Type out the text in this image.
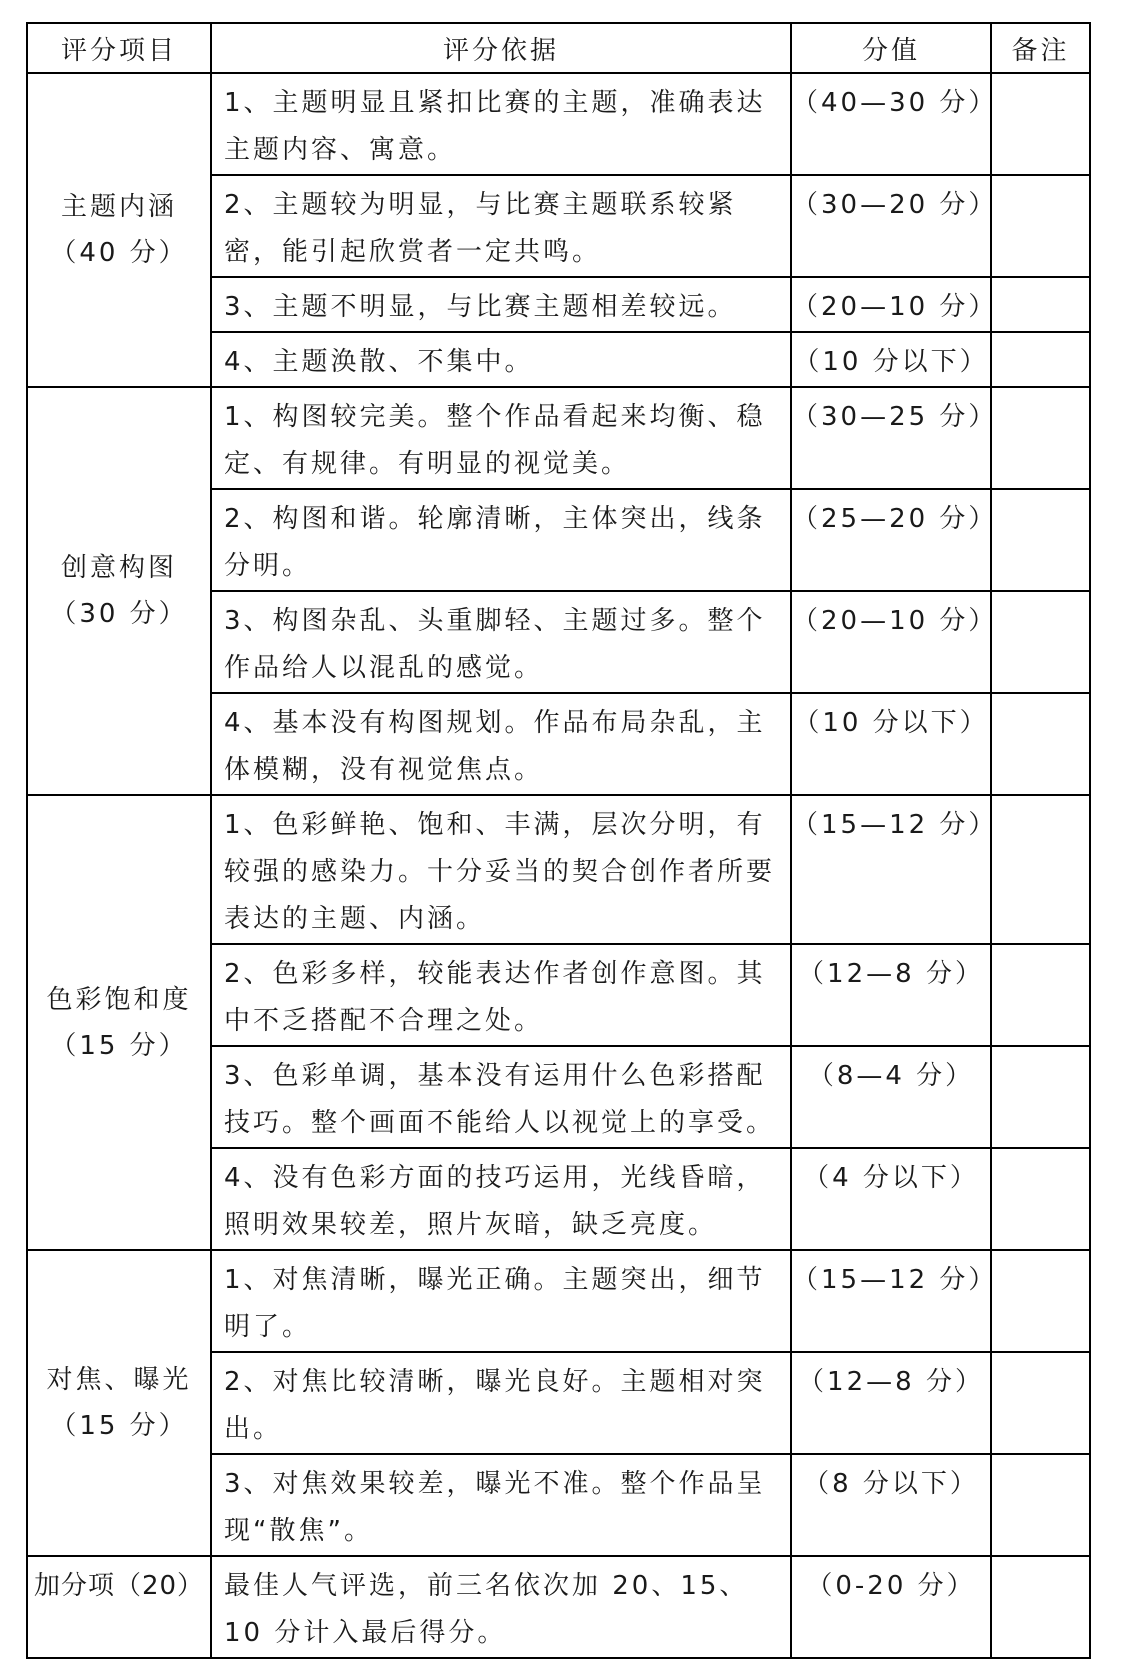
评分项目	评分依据	分值	备注

主题内涵
（40 分）	1、主题明显且紧扣比赛的主题，准确表达主题内容、寓意。	（40—30 分）	
	2、主题较为明显，与比赛主题联系较紧密，能引起欣赏者一定共鸣。	（30—20 分）	
	3、主题不明显，与比赛主题相差较远。	（20—10 分）	
	4、主题涣散、不集中。	（10 分以下）	

创意构图
（30 分）	1、构图较完美。整个作品看起来均衡、稳定、有规律。有明显的视觉美。	（30—25 分）	
	2、构图和谐。轮廓清晰，主体突出，线条分明。	（25—20 分）	
	3、构图杂乱、头重脚轻、主题过多。整个作品给人以混乱的感觉。	（20—10 分）	
	4、基本没有构图规划。作品布局杂乱，主体模糊，没有视觉焦点。	（10 分以下）	

色彩饱和度
（15 分）	1、色彩鲜艳、饱和、丰满，层次分明，有较强的感染力。十分妥当的契合创作者所要表达的主题、内涵。	（15—12 分）	
	2、色彩多样，较能表达作者创作意图。其中不乏搭配不合理之处。	（12—8 分）	
	3、色彩单调，基本没有运用什么色彩搭配技巧。整个画面不能给人以视觉上的享受。	（8—4 分）	
	4、没有色彩方面的技巧运用，光线昏暗，照明效果较差，照片灰暗，缺乏亮度。	（4 分以下）	

对焦、曝光
（15 分）	1、对焦清晰，曝光正确。主题突出，细节明了。	（15—12 分）	
	2、对焦比较清晰，曝光良好。主题相对突出。	（12—8 分）	
	3、对焦效果较差，曝光不准。整个作品呈现“散焦”。	（8 分以下）	
加分项（20）	最佳人气评选，前三名依次加 20、15、10 分计入最后得分。	（0-20 分）	
